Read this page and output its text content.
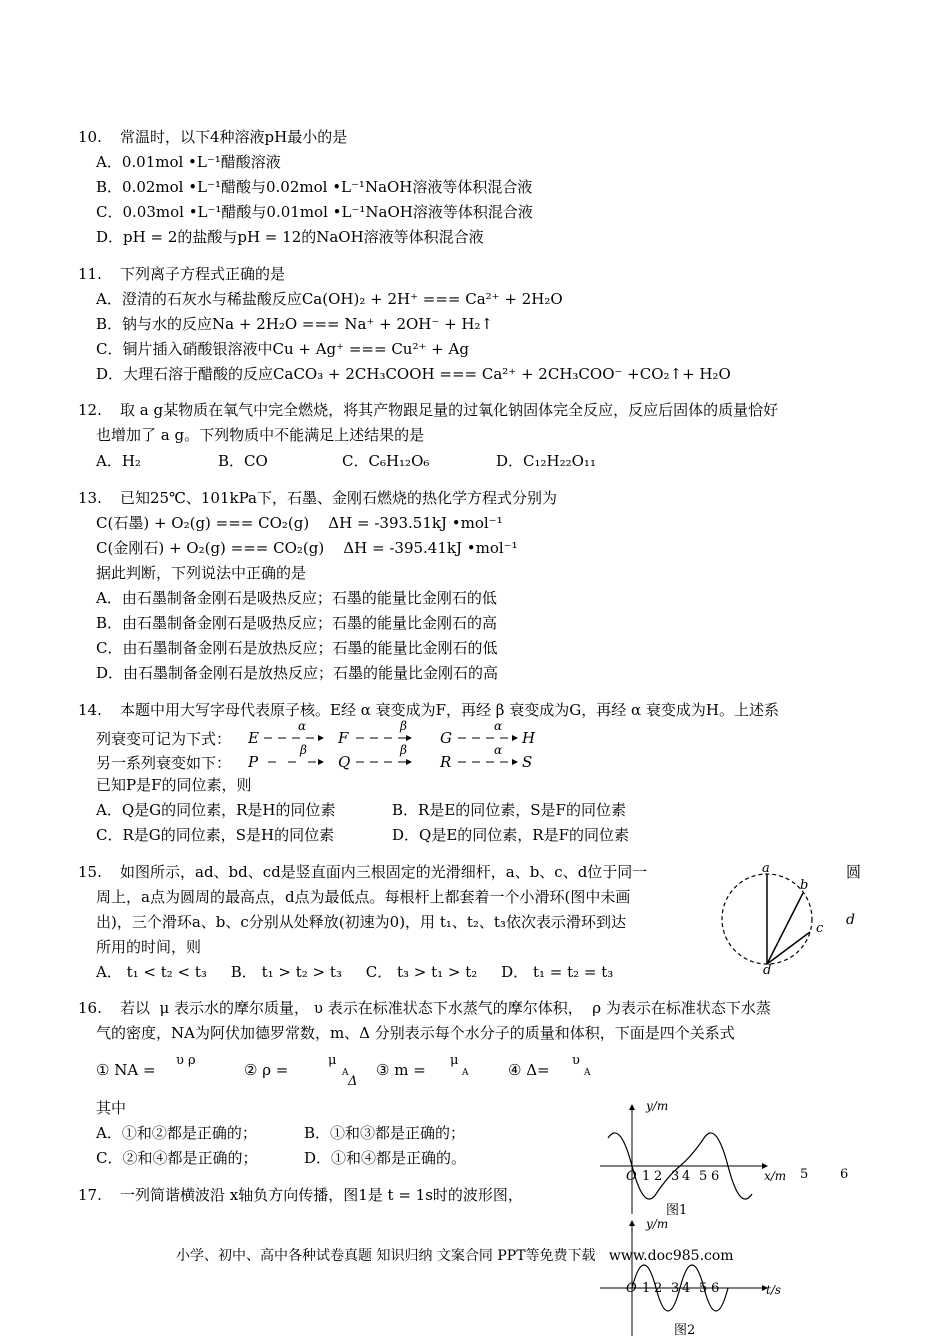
10. 常温时，以下4种溶液pH最小的是
A．0.01mol •L⁻¹醋酸溶液
B．0.02mol •L⁻¹醋酸与0.02mol •L⁻¹NaOH溶液等体积混合液
C．0.03mol •L⁻¹醋酸与0.01mol •L⁻¹NaOH溶液等体积混合液
D．pH = 2的盐酸与pH = 12的NaOH溶液等体积混合液
11. 下列离子方程式正确的是
A．澄清的石灰水与稀盐酸反应Ca(OH)₂ + 2H⁺ === Ca²⁺ + 2H₂O
B．钠与水的反应Na + 2H₂O === Na⁺ + 2OH⁻ + H₂↑
C．铜片插入硝酸银溶液中Cu + Ag⁺ === Cu²⁺ + Ag
D．大理石溶于醋酸的反应CaCO₃ + 2CH₃COOH === Ca²⁺ + 2CH₃COO⁻ +CO₂↑+ H₂O
12. 取 a g某物质在氧气中完全燃烧，将其产物跟足量的过氧化钠固体完全反应，反应后固体的质量恰好
也增加了 a g。下列物质中不能满足上述结果的是
A．H₂	B．CO	C．C₆H₁₂O₆	D．C₁₂H₂₂O₁₁
13. 已知25℃、101kPa下，石墨、金刚石燃烧的热化学方程式分别为
C(石墨) + O₂(g) === CO₂(g)    ΔH = -393.51kJ •mol⁻¹
C(金刚石) + O₂(g) === CO₂(g)    ΔH = -395.41kJ •mol⁻¹
据此判断，下列说法中正确的是
A．由石墨制备金刚石是吸热反应；石墨的能量比金刚石的低
B．由石墨制备金刚石是吸热反应；石墨的能量比金刚石的高
C．由石墨制备金刚石是放热反应；石墨的能量比金刚石的低
D．由石墨制备金刚石是放热反应；石墨的能量比金刚石的高
14. 本题中用大写字母代表原子核。E经 α 衰变成为F，再经 β 衰变成为G，再经 α 衰变成为H。上述系
列衰变可记为下式： E
α
F
β
G
α
H
另一系列衰变如下： P
β
Q
β
R
α
S
已知P是F的同位素，则
A．Q是G的同位素，R是H的同位素	B．R是E的同位素，S是F的同位素
C．R是G的同位素，S是H的同位素	D．Q是E的同位素，R是F的同位素
15. 如图所示，ad、bd、cd是竖直面内三根固定的光滑细杆，a、b、c、d位于同一	圆
周上，a点为圆周的最高点，d点为最低点。每根杆上都套着一个小滑环(图中未画
出)，三个滑环a、b、c分别从处释放(初速为0)，用 t₁、t₂、t₃依次表示滑环到达
所用的时间，则
A． t₁ < t₂ < t₃     B． t₁ > t₂ > t₃     C． t₃ > t₁ > t₂     D． t₁ = t₂ = t₃
a
b
c
d
d
16. 若以  μ 表示水的摩尔质量， υ 表示在标准状态下水蒸气的摩尔体积，  ρ 为表示在标准状态下水蒸
气的密度，NA为阿伏加德罗常数，m、Δ 分别表示每个水分子的质量和体积，下面是四个关系式
① NA =
υ ρ
② ρ =
μ
A
Δ
③ m =
μ
A	④ Δ=
υ
A
其中
A．①和②都是正确的；	B．①和③都是正确的；
C．②和④都是正确的；	D．①和④都是正确的。
17. 一列简谐横波沿 x轴负方向传播，图1是 t = 1s时的波形图，
y/m
x/m
O 1 2 3 4 5 6	5 6
图1
y/m
t/s
O 1 2 3 4 5 6
图2
小学、初中、高中各种试卷真题 知识归纳 文案合同 PPT等免费下载   www.doc985.com
